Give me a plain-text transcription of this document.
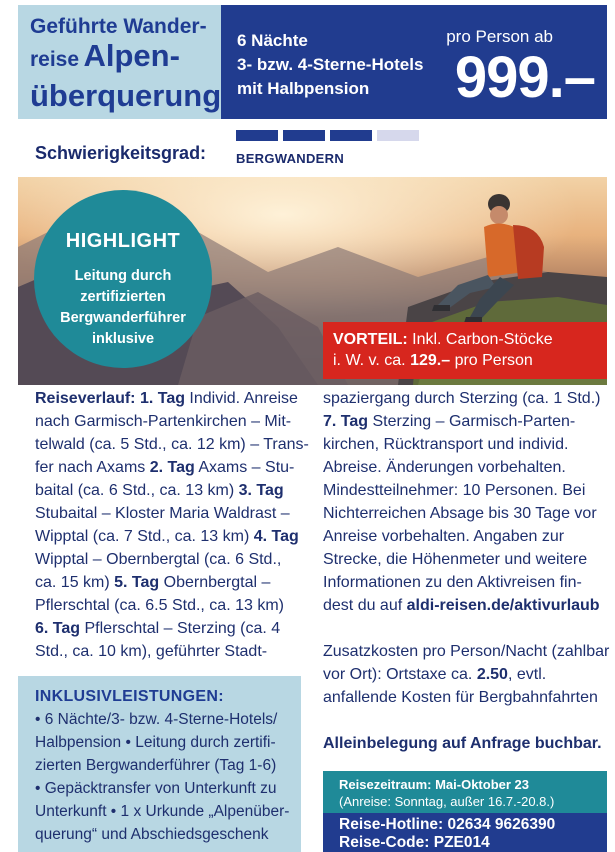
Geführte Wander-
reise Alpen-
überquerung
6 Nächte
3- bzw. 4-Sterne-Hotels
mit Halbpension
pro Person ab
999.–
Schwierigkeitsgrad: BERGWANDERN
HIGHLIGHT
Leitung durch
zertifizierten
Bergwanderführer
inklusive	VORTEIL: Inkl. Carbon-Stöcke
i. W. v. ca. 129.– pro Person
Reiseverlauf: 1. Tag Individ. Anreise
nach Garmisch-Partenkirchen – Mit-
telwald (ca. 5 Std., ca. 12 km) – Trans-
fer nach Axams 2. Tag Axams – Stu-
baital (ca. 6 Std., ca. 13 km) 3. Tag
Stubaital – Kloster Maria Waldrast –
Wipptal (ca. 7 Std., ca. 13 km) 4. Tag
Wipptal – Obernbergtal (ca. 6 Std.,
ca. 15 km) 5. Tag Obernbergtal –
Pflerschtal (ca. 6.5 Std., ca. 13 km)
6. Tag Pflerschtal – Sterzing (ca. 4
Std., ca. 10 km), geführter Stadt-
spaziergang durch Sterzing (ca. 1 Std.)
7. Tag Sterzing – Garmisch-Parten-
kirchen, Rücktransport und individ.
Abreise. Änderungen vorbehalten.
Mindestteilnehmer: 10 Personen. Bei
Nichterreichen Absage bis 30 Tage vor
Anreise vorbehalten. Angaben zur
Strecke, die Höhenmeter und weitere
Informationen zu den Aktivreisen fin-
dest du auf aldi-reisen.de/aktivurlaub

Zusatzkosten pro Person/Nacht (zahlbar
vor Ort): Ortstaxe ca. 2.50, evtl.
anfallende Kosten für Bergbahnfahrten

Alleinbelegung auf Anfrage buchbar.
INKLUSIVLEISTUNGEN:
• 6 Nächte/3- bzw. 4-Sterne-Hotels/
Halbpension • Leitung durch zertifi-
zierten Bergwanderführer (Tag 1-6)
• Gepäcktransfer von Unterkunft zu
Unterkunft • 1 x Urkunde „Alpenüber-
querung“ und Abschiedsgeschenk
Reisezeitraum: Mai-Oktober 23
(Anreise: Sonntag, außer 16.7.-20.8.)
Reise-Hotline: 02634 9626390
Reise-Code: PZE014
